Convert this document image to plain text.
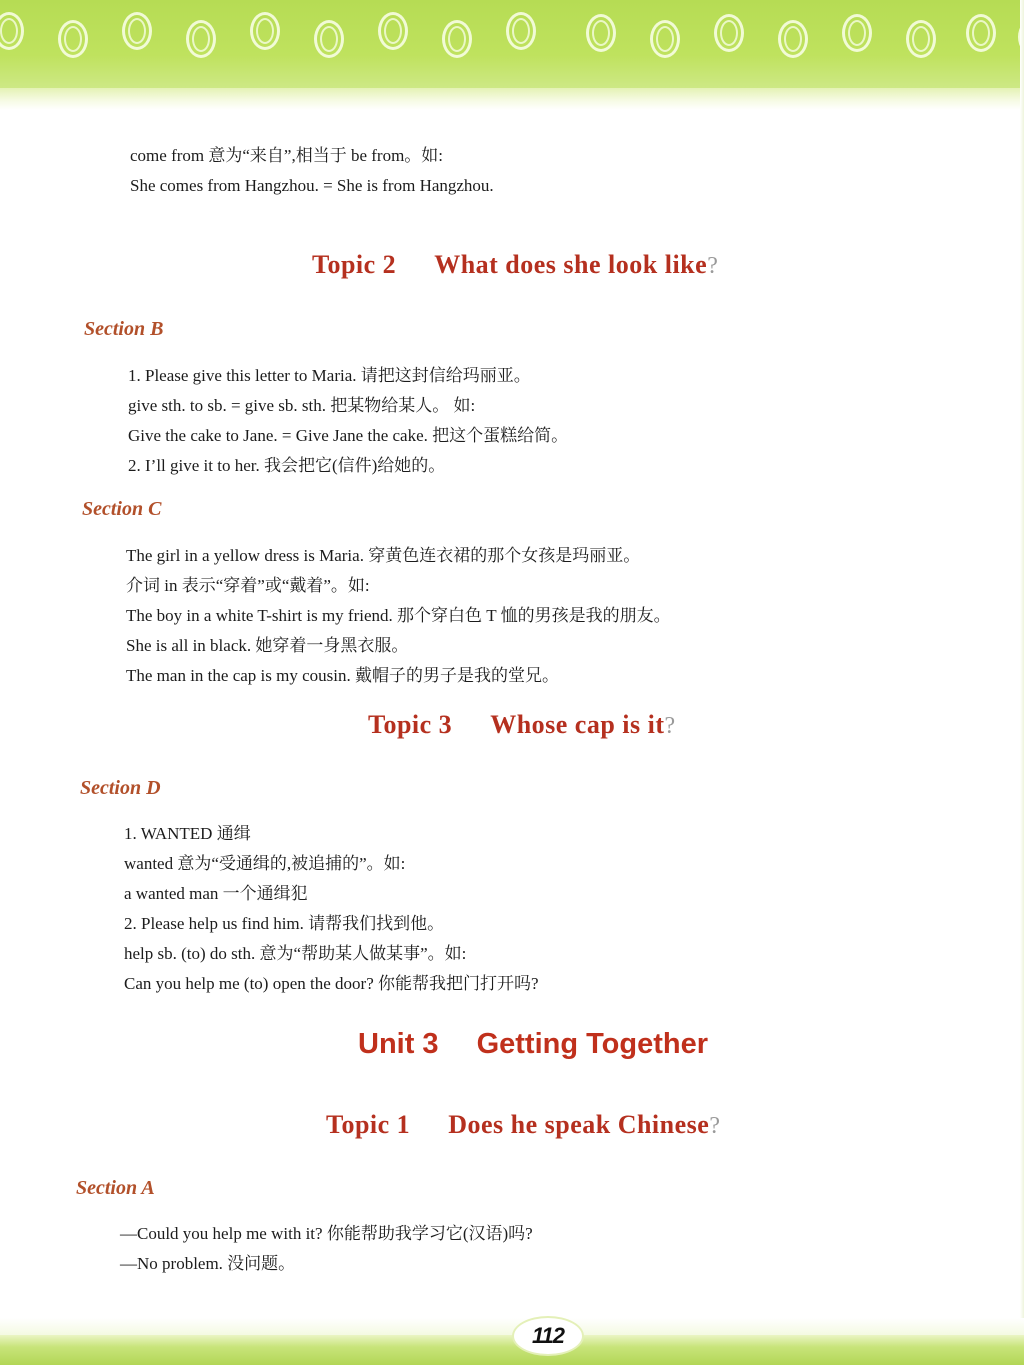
come from 意为“来自”,相当于 be from。如:
She comes from Hangzhou. = She is from Hangzhou.
Topic 2 What does she look like?
Section B
1. Please give this letter to Maria. 请把这封信给玛丽亚。
give sth. to sb. = give sb. sth. 把某物给某人。 如:
Give the cake to Jane. = Give Jane the cake. 把这个蛋糕给简。
2. I’ll give it to her. 我会把它(信件)给她的。
Section C
The girl in a yellow dress is Maria. 穿黄色连衣裙的那个女孩是玛丽亚。
介词 in 表示“穿着”或“戴着”。如:
The boy in a white T-shirt is my friend. 那个穿白色 T 恤的男孩是我的朋友。
She is all in black. 她穿着一身黑衣服。
The man in the cap is my cousin. 戴帽子的男子是我的堂兄。
Topic 3 Whose cap is it?
Section D
1. WANTED 通缉
wanted 意为“受通缉的,被追捕的”。如:
a wanted man 一个通缉犯
2. Please help us find him. 请帮我们找到他。
help sb. (to) do sth. 意为“帮助某人做某事”。如:
Can you help me (to) open the door? 你能帮我把门打开吗?
Unit 3 Getting Together
Topic 1 Does he speak Chinese?
Section A
—Could you help me with it? 你能帮助我学习它(汉语)吗?
—No problem. 没问题。
112
